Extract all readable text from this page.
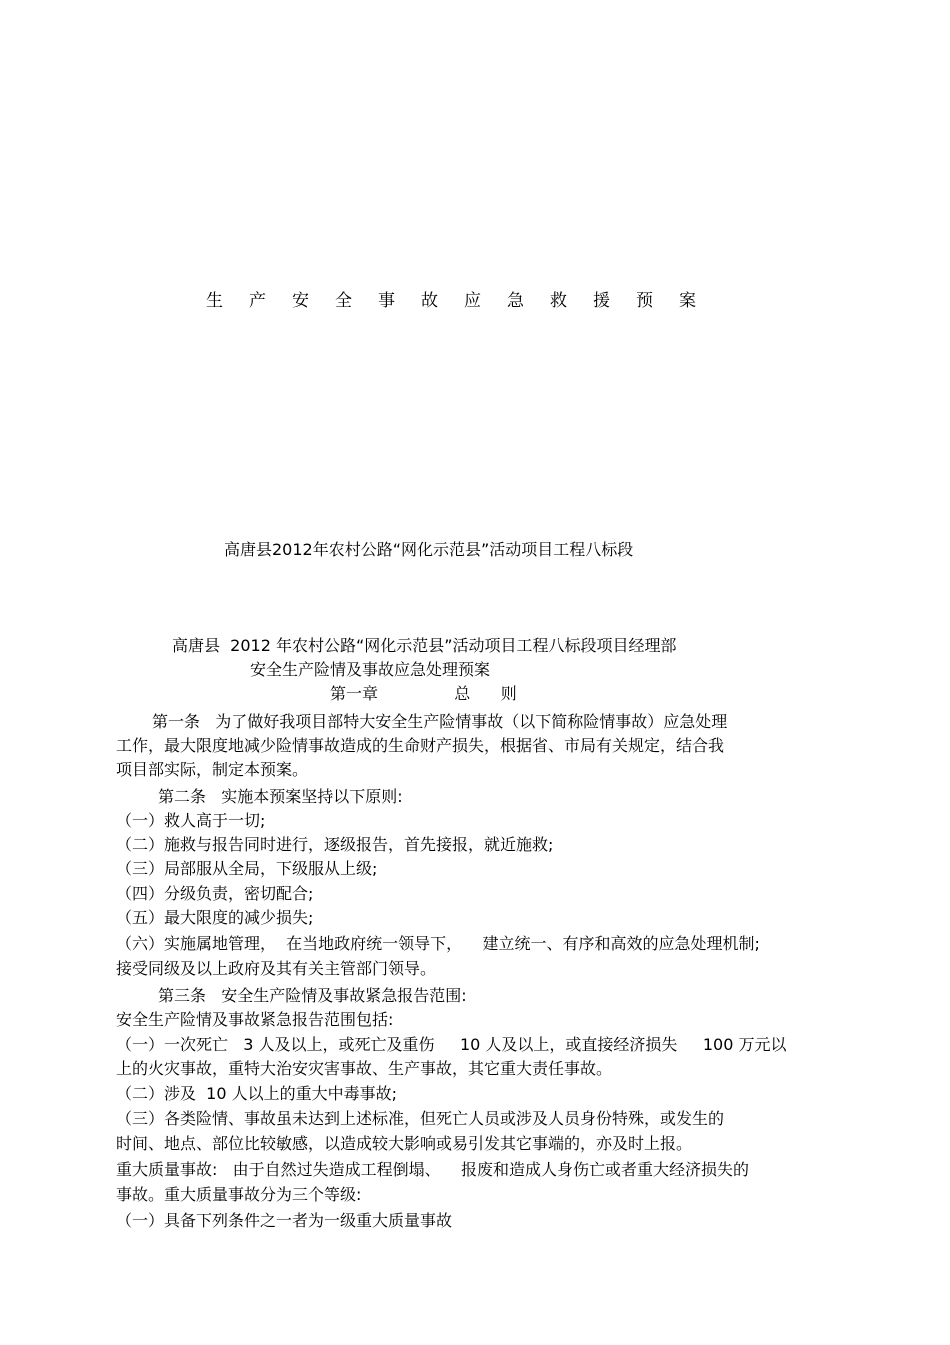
生产安全事故应急救援预案
高唐县2012年农村公路“网化示范县”活动项目工程八标段
高唐县  2012 年农村公路“网化示范县”活动项目工程八标段项目经理部
安全生产险情及事故应急处理预案
第一章               总      则
第一条   为了做好我项目部特大安全生产险情事故（以下简称险情事故）应急处理
工作，最大限度地减少险情事故造成的生命财产损失，根据省、市局有关规定，结合我
项目部实际，制定本预案。
第二条   实施本预案坚持以下原则:
（一）救人高于一切;
（二）施救与报告同时进行，逐级报告，首先接报，就近施救;
（三）局部服从全局，下级服从上级;
（四）分级负责，密切配合;
（五）最大限度的减少损失;
（六）实施属地管理，  在当地政府统一领导下，    建立统一、有序和高效的应急处理机制;
接受同级及以上政府及其有关主管部门领导。
第三条   安全生产险情及事故紧急报告范围:
安全生产险情及事故紧急报告范围包括:
（一）一次死亡   3 人及以上，或死亡及重伤     10 人及以上，或直接经济损失     100 万元以
上的火灾事故，重特大治安灾害事故、生产事故，其它重大责任事故。
（二）涉及  10 人以上的重大中毒事故;
（三）各类险情、事故虽未达到上述标准，但死亡人员或涉及人员身份特殊，或发生的
时间、地点、部位比较敏感，以造成较大影响或易引发其它事端的，亦及时上报。
重大质量事故:   由于自然过失造成工程倒塌、    报废和造成人身伤亡或者重大经济损失的
事故。重大质量事故分为三个等级:
（一）具备下列条件之一者为一级重大质量事故
